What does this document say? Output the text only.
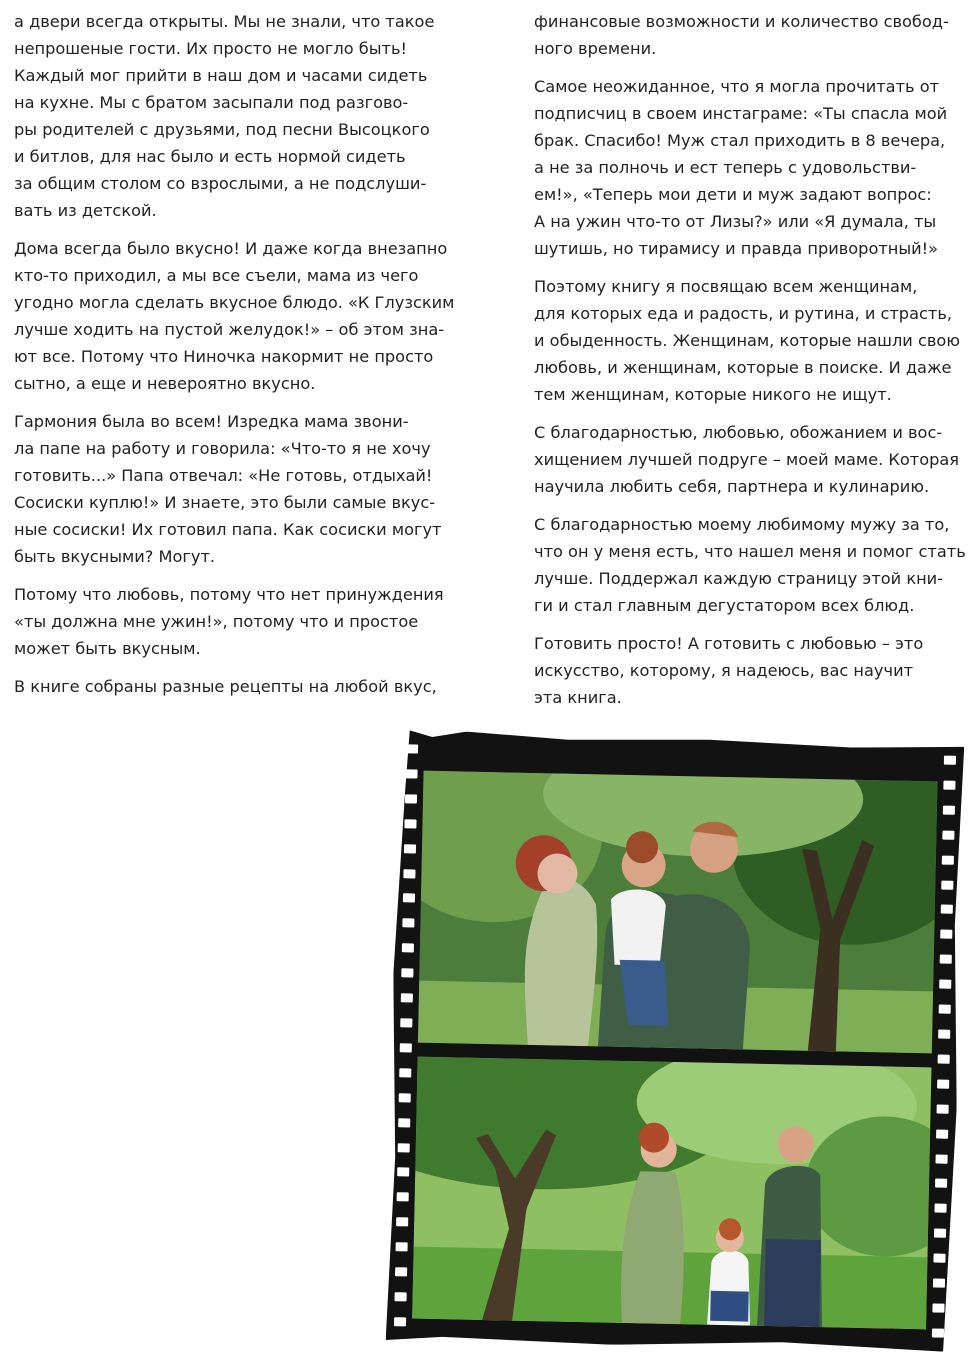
а двери всегда открыты. Мы не знали, что такое
непрошеные гости. Их просто не могло быть!
Каждый мог прийти в наш дом и часами сидеть
на кухне. Мы с братом засыпали под разгово-
ры родителей с друзьями, под песни Высоцкого
и битлов, для нас было и есть нормой сидеть
за общим столом со взрослыми, а не подслуши-
вать из детской.

Дома всегда было вкусно! И даже когда внезапно
кто-то приходил, а мы все съели, мама из чего
угодно могла сделать вкусное блюдо. «К Глузским
лучше ходить на пустой желудок!» – об этом зна-
ют все. Потому что Ниночка накормит не просто
сытно, а еще и невероятно вкусно.

Гармония была во всем! Изредка мама звони-
ла папе на работу и говорила: «Что-то я не хочу
готовить...» Папа отвечал: «Не готовь, отдыхай!
Сосиски куплю!» И знаете, это были самые вкус-
ные сосиски! Их готовил папа. Как сосиски могут
быть вкусными? Могут.

Потому что любовь, потому что нет принуждения
«ты должна мне ужин!», потому что и простое
может быть вкусным.

В книге собраны разные рецепты на любой вкус,

финансовые возможности и количество свобод-
ного времени.

Самое неожиданное, что я могла прочитать от
подписчиц в своем инстаграме: «Ты спасла мой
брак. Спасибо! Муж стал приходить в 8 вечера,
а не за полночь и ест теперь с удовольстви-
ем!», «Теперь мои дети и муж задают вопрос:
А на ужин что-то от Лизы?» или «Я думала, ты
шутишь, но тирамису и правда приворотный!»

Поэтому книгу я посвящаю всем женщинам,
для которых еда и радость, и рутина, и страсть,
и обыденность. Женщинам, которые нашли свою
любовь, и женщинам, которые в поиске. И даже
тем женщинам, которые никого не ищут.

С благодарностью, любовью, обожанием и вос-
хищением лучшей подруге – моей маме. Которая
научила любить себя, партнера и кулинарию.

С благодарностью моему любимому мужу за то,
что он у меня есть, что нашел меня и помог стать
лучше. Поддержал каждую страницу этой кни-
ги и стал главным дегустатором всех блюд.

Готовить просто! А готовить с любовью – это
искусство, которому, я надеюсь, вас научит
эта книга.
